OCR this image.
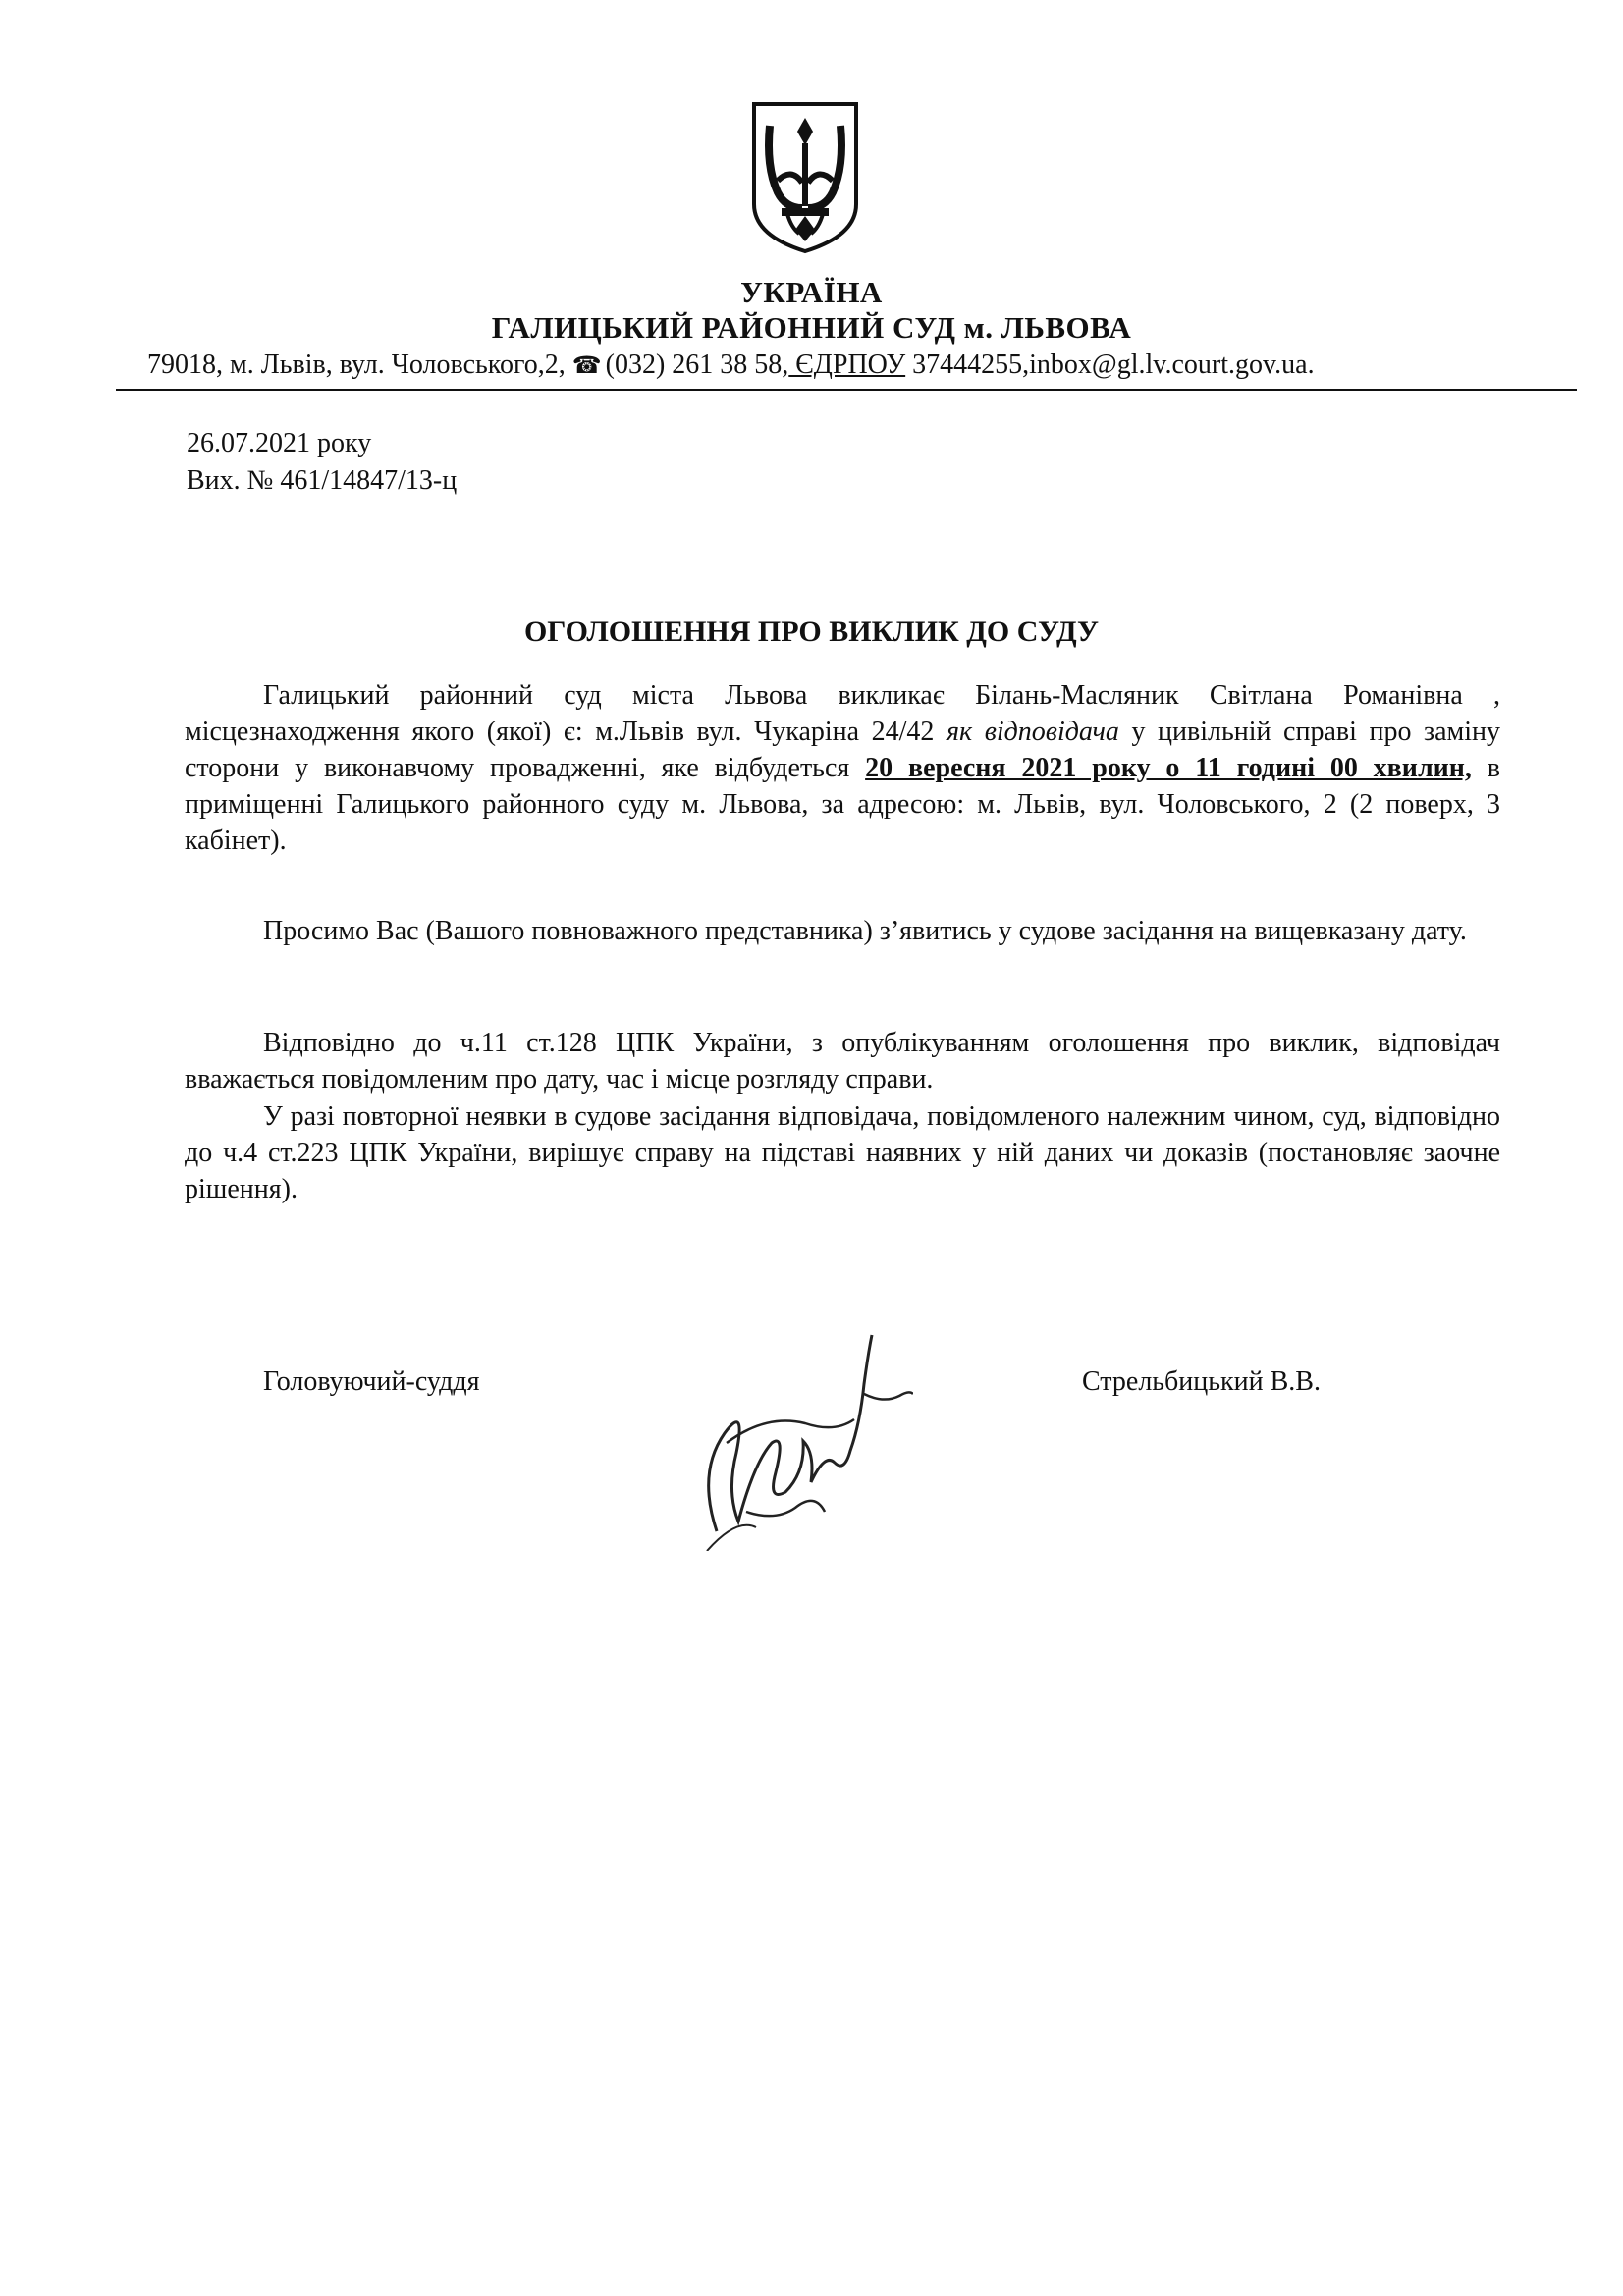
УКРАЇНА
ГАЛИЦЬКИЙ РАЙОННИЙ СУД м. ЛЬВОВА
79018, м. Львів, вул. Чоловського,2, ☎ (032) 261 38 58, ЄДРПОУ 37444255,inbox@gl.lv.court.gov.ua.
26.07.2021 року
Вих. № 461/14847/13-ц
ОГОЛОШЕННЯ ПРО ВИКЛИК ДО СУДУ
Галицький районний суд міста Львова викликає Білань-Масляник Світлана Романівна , місцезнаходження якого (якої) є: м.Львів вул. Чукаріна 24/42 як відповідача у цивільній справі про заміну сторони у виконавчому провадженні, яке відбудеться 20 вересня 2021 року о 11 годині 00 хвилин, в приміщенні Галицького районного суду м. Львова, за адресою: м. Львів, вул. Чоловського, 2 (2 поверх, 3 кабінет).
Просимо Вас (Вашого повноважного представника) з’явитись у судове засідання на вищевказану дату.
Відповідно до ч.11 ст.128 ЦПК України, з опублікуванням оголошення про виклик, відповідач вважається повідомленим про дату, час і місце розгляду справи.
У разі повторної неявки в судове засідання відповідача, повідомленого належним чином, суд, відповідно до ч.4 ст.223 ЦПК України, вирішує справу на підставі наявних у ній даних чи доказів (постановляє заочне рішення).
Головуючий-суддя	Стрельбицький В.В.
